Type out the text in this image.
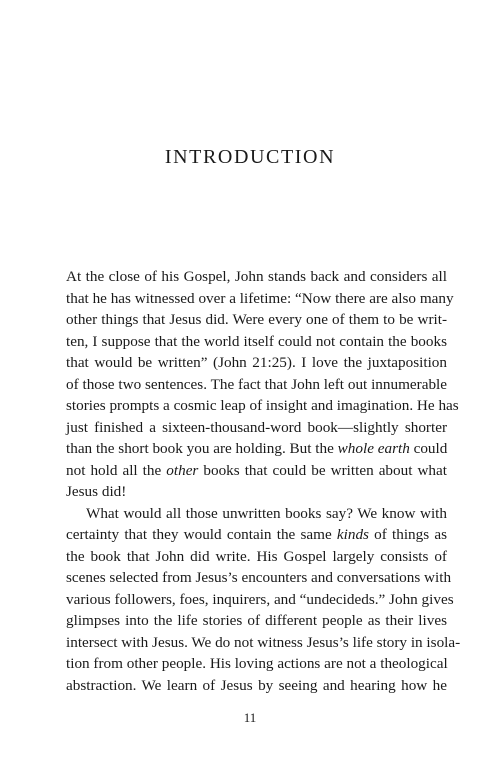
INTRODUCTION
At the close of his Gospel, John stands back and considers all
that he has witnessed over a lifetime: “Now there are also many
other things that Jesus did. Were every one of them to be writ-
ten, I suppose that the world itself could not contain the books
that would be written” (John 21:25). I love the juxtaposition
of those two sentences. The fact that John left out innumerable
stories prompts a cosmic leap of insight and imagination. He has
just finished a sixteen-thousand-word book—slightly shorter
than the short book you are holding. But the whole earth could
not hold all the other books that could be written about what
Jesus did!
What would all those unwritten books say? We know with
certainty that they would contain the same kinds of things as
the book that John did write. His Gospel largely consists of
scenes selected from Jesus’s encounters and conversations with
various followers, foes, inquirers, and “undecideds.” John gives
glimpses into the life stories of different people as their lives
intersect with Jesus. We do not witness Jesus’s life story in isola-
tion from other people. His loving actions are not a theological
abstraction. We learn of Jesus by seeing and hearing how he
11
